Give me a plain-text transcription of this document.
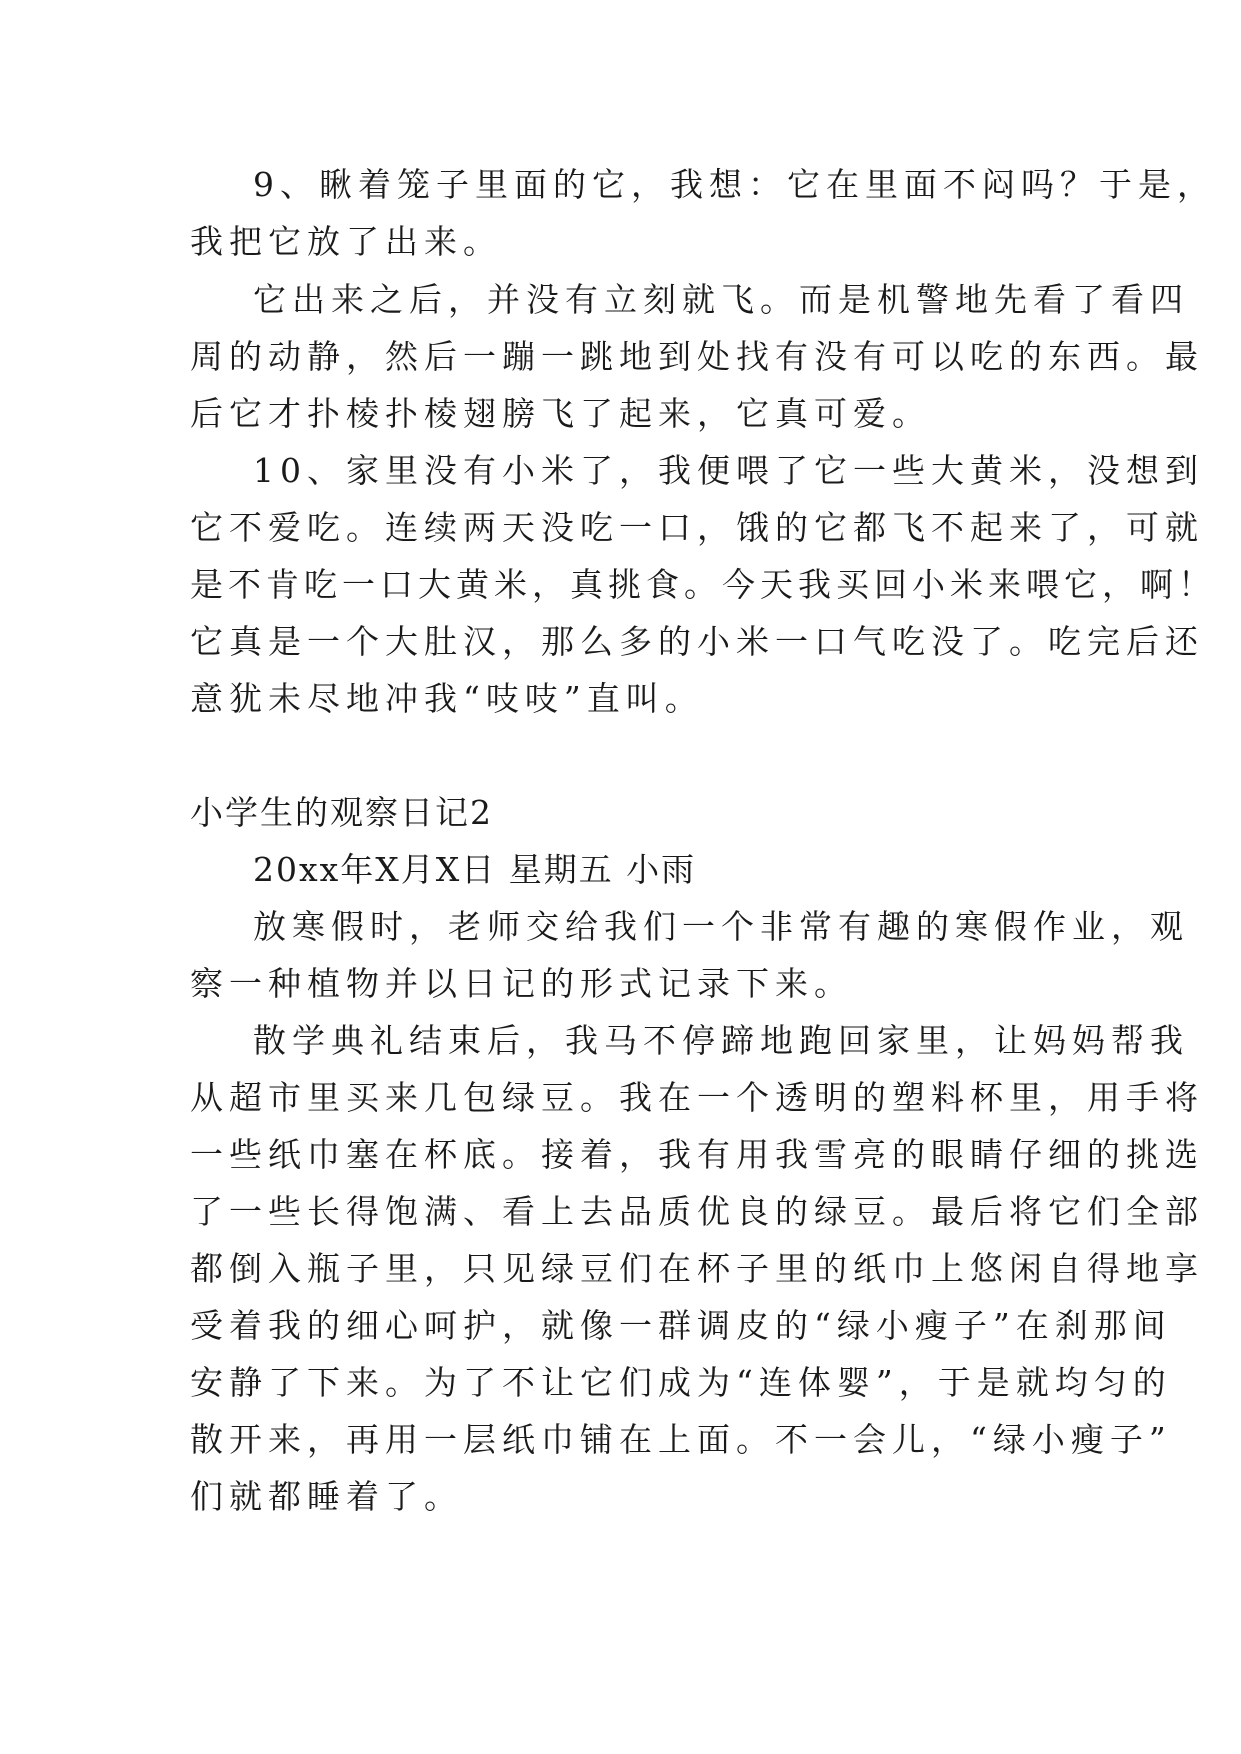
9、瞅着笼子里面的它，我想：它在里面不闷吗？于是，
我把它放了出来。
它出来之后，并没有立刻就飞。而是机警地先看了看四
周的动静，然后一蹦一跳地到处找有没有可以吃的东西。最
后它才扑棱扑棱翅膀飞了起来，它真可爱。
10、家里没有小米了，我便喂了它一些大黄米，没想到
它不爱吃。连续两天没吃一口，饿的它都飞不起来了，可就
是不肯吃一口大黄米，真挑食。今天我买回小米来喂它，啊！
它真是一个大肚汉，那么多的小米一口气吃没了。吃完后还
意犹未尽地冲我“吱吱”直叫。
小学生的观察日记2
20xx年X月X日 星期五 小雨
放寒假时，老师交给我们一个非常有趣的寒假作业，观
察一种植物并以日记的形式记录下来。
散学典礼结束后，我马不停蹄地跑回家里，让妈妈帮我
从超市里买来几包绿豆。我在一个透明的塑料杯里，用手将
一些纸巾塞在杯底。接着，我有用我雪亮的眼睛仔细的挑选
了一些长得饱满、看上去品质优良的绿豆。最后将它们全部
都倒入瓶子里，只见绿豆们在杯子里的纸巾上悠闲自得地享
受着我的细心呵护，就像一群调皮的“绿小瘦子”在刹那间
安静了下来。为了不让它们成为“连体婴”，于是就均匀的
散开来，再用一层纸巾铺在上面。不一会儿，“绿小瘦子”
们就都睡着了。
